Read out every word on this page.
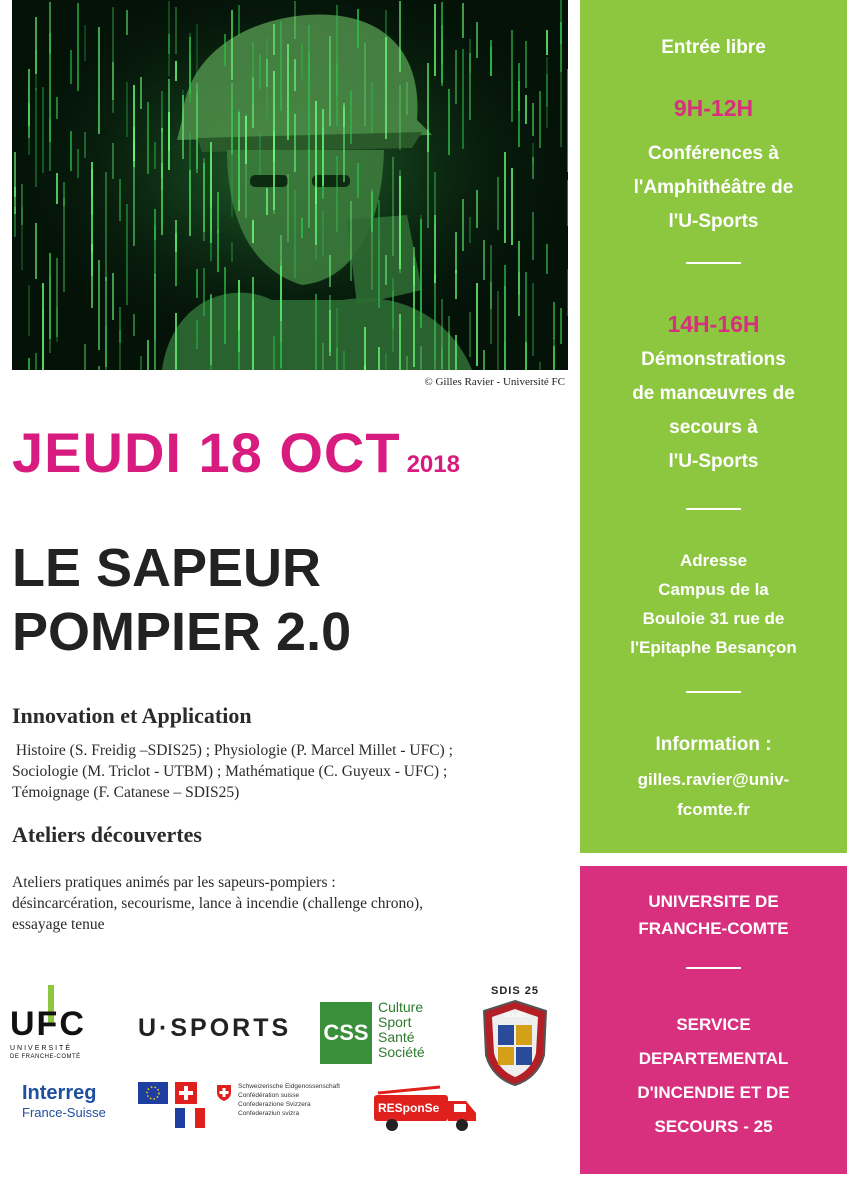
© Gilles Ravier - Université FC
JEUDI 18 OCT 2018
LE SAPEUR
POMPIER 2.0
Innovation et Application
Histoire (S. Freidig –SDIS25) ; Physiologie (P. Marcel Millet - UFC) ;
Sociologie (M. Triclot - UTBM) ; Mathématique (C. Guyeux - UFC) ;
Témoignage (F. Catanese – SDIS25)
Ateliers découvertes
Ateliers pratiques animés par les sapeurs-pompiers :
désincarcération, secourisme, lance à incendie (challenge chrono),
essayage tenue
Entrée libre
9H-12H
Conférences à
l'Amphithéâtre de
l'U-Sports
14H-16H
Démonstrations
de manœuvres de
secours à
l'U-Sports
Adresse
Campus de la
Bouloie 31 rue de
l'Epitaphe Besançon
Information :
gilles.ravier@univ-
fcomte.fr
UNIVERSITE DE
FRANCHE-COMTE
SERVICE
DEPARTEMENTAL
D'INCENDIE ET DE
SECOURS - 25
UFC
UNIVERSITÉ
DE FRANCHE-COMTÉ
U·SPORTS CSS
Culture
Sport
Santé
Société
SDIS 25
DOUBS
Interreg
France-Suisse
Schweizerische Eidgenossenschaft
Confédération suisse
Confederazione Svizzera
Confederaziun svizra	RESponSe
